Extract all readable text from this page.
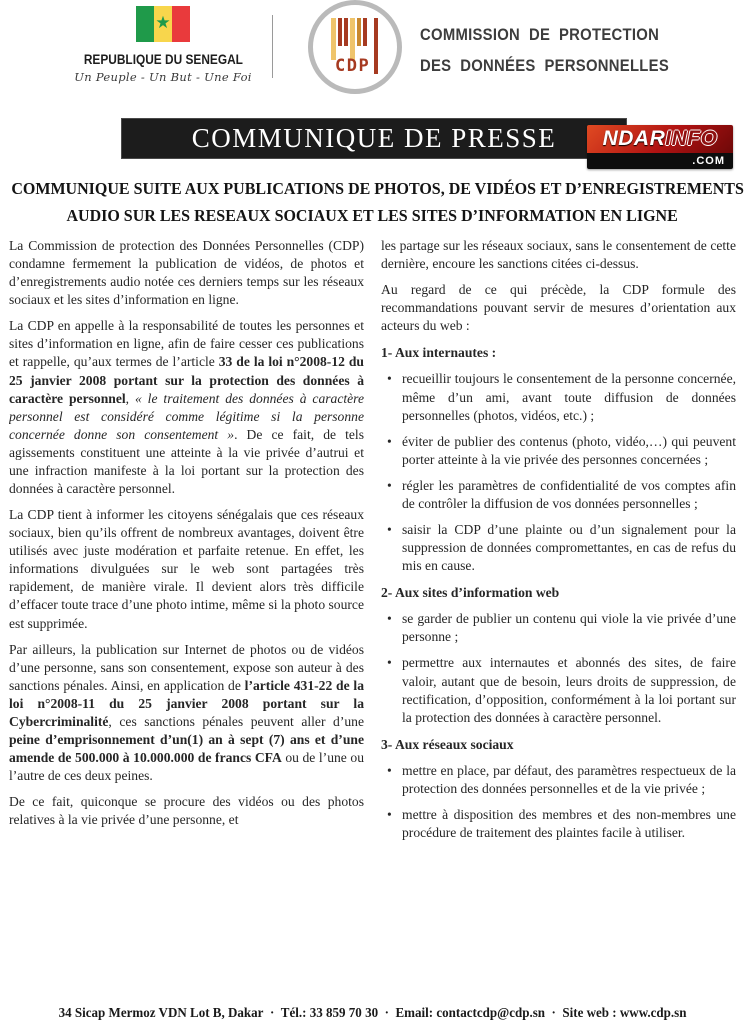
★
REPUBLIQUE DU SENEGAL
Un Peuple - Un But - Une Foi
CDP
COMMISSION DE PROTECTION
DES DONNÉES PERSONNELLES
COMMUNIQUE DE PRESSE NDAR INFO
.COM
COMMUNIQUE SUITE AUX PUBLICATIONS DE PHOTOS, DE VIDÉOS ET D’ENREGISTREMENTS
AUDIO SUR LES RESEAUX SOCIAUX ET LES SITES D’INFORMATION EN LIGNE

La Commission de protection des Données Personnelles (CDP) condamne fermement la publication de vidéos, de photos et d’enregistrements audio notée ces derniers temps sur les réseaux sociaux et les sites d’information en ligne.

La CDP en appelle à la responsabilité de toutes les personnes et sites d’information en ligne, afin de faire cesser ces publications et rappelle, qu’aux termes de l’article 33 de la loi n°2008-12 du 25 janvier 2008 portant sur la protection des données à caractère personnel, « le traitement des données à caractère personnel est considéré comme légitime si la personne concernée donne son consentement ». De ce fait, de tels agissements constituent une atteinte à la vie privée d’autrui et une infraction manifeste à la loi portant sur la protection des données à caractère personnel.

La CDP tient à informer les citoyens sénégalais que ces réseaux sociaux, bien qu’ils offrent de nombreux avantages, doivent être utilisés avec juste modération et parfaite retenue. En effet, les informations divulguées sur le web sont partagées très rapidement, de manière virale. Il devient alors très difficile d’effacer toute trace d’une photo intime, même si la photo source est supprimée.

Par ailleurs, la publication sur Internet de photos ou de vidéos d’une personne, sans son consentement, expose son auteur à des sanctions pénales. Ainsi, en application de l’article 431-22 de la loi n°2008-11 du 25 janvier 2008 portant sur la Cybercriminalité, ces sanctions pénales peuvent aller d’une peine d’emprisonnement d’un(1) an à sept (7) ans et d’une amende de 500.000 à 10.000.000 de francs CFA ou de l’une ou l’autre de ces deux peines.

De ce fait, quiconque se procure des vidéos ou des photos relatives à la vie privée d’une personne, et

les partage sur les réseaux sociaux, sans le consentement de cette dernière, encoure les sanctions citées ci-dessus.

Au regard de ce qui précède, la CDP formule des recommandations pouvant servir de mesures d’orientation aux acteurs du web :

1- Aux internautes :
• recueillir toujours le consentement de la personne concernée, même d’un ami, avant toute diffusion de données personnelles (photos, vidéos, etc.) ;
• éviter de publier des contenus (photo, vidéo,…) qui peuvent porter atteinte à la vie privée des personnes concernées ;
• régler les paramètres de confidentialité de vos comptes afin de contrôler la diffusion de vos données personnelles ;
• saisir la CDP d’une plainte ou d’un signalement pour la suppression de données compromettantes, en cas de refus du mis en cause.
2- Aux sites d’information web
• se garder de publier un contenu qui viole la vie privée d’une personne ;
• permettre aux internautes et abonnés des sites, de faire valoir, autant que de besoin, leurs droits de suppression, de rectification, d’opposition, conformément à la loi portant sur la protection des données à caractère personnel.
3- Aux réseaux sociaux
• mettre en place, par défaut, des paramètres respectueux de la protection des données personnelles et de la vie privée ;
• mettre à disposition des membres et des non-membres une procédure de traitement des plaintes facile à utiliser.
34 Sicap Mermoz VDN Lot B, Dakar · Tél.: 33 859 70 30 · Email: contactcdp@cdp.sn · Site web : www.cdp.sn
